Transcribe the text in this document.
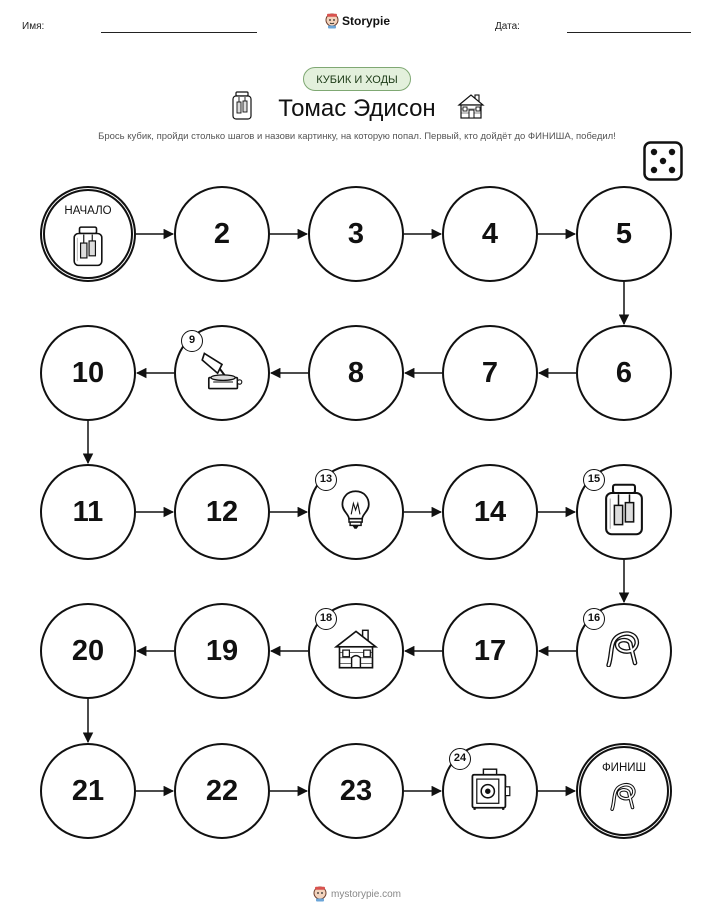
Имя:	Дата:
Storypie
КУБИК И ХОДЫ
Томас Эдисон
Брось кубик, пройди столько шагов и назови картинку, на которую попал. Первый, кто дойдёт до ФИНИША, победил!
НАЧАЛО
2	3	4	5
6
7
8
9
10
11	12
13
14
15
16
17
18
19
20
21	22	23
24
ФИНИШ
mystorypie.com
